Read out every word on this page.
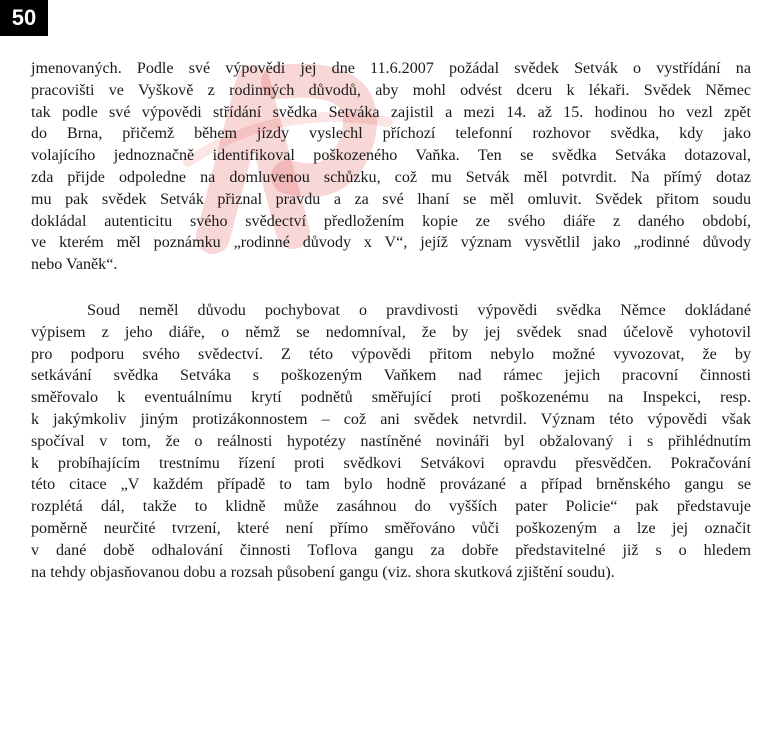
50
jmenovaných. Podle své výpovědi jej dne 11.6.2007 požádal svědek Setvák o vystřídání na
pracovišti ve Vyškově z rodinných důvodů, aby mohl odvést dceru k lékaři. Svědek Němec
tak podle své výpovědi střídání svědka Setváka zajistil a mezi 14. až 15. hodinou ho vezl zpět
do Brna, přičemž během jízdy vyslechl příchozí telefonní rozhovor svědka, kdy jako
volajícího jednoznačně identifikoval poškozeného Vaňka. Ten se svědka Setváka dotazoval,
zda přijde odpoledne na domluvenou schůzku, což mu Setvák měl potvrdit. Na přímý dotaz
mu pak svědek Setvák přiznal pravdu a za své lhaní se měl omluvit. Svědek přitom soudu
dokládal autenticitu svého svědectví předložením kopie ze svého diáře z daného období,
ve kterém měl poznámku „rodinné důvody x V“, jejíž význam vysvětlil jako „rodinné důvody
nebo Vaněk“.
Soud neměl důvodu pochybovat o pravdivosti výpovědi svědka Němce dokládané
výpisem z jeho diáře, o němž se nedomníval, že by jej svědek snad účelově vyhotovil
pro podporu svého svědectví. Z této výpovědi přitom nebylo možné vyvozovat, že by
setkávání svědka Setváka s poškozeným Vaňkem nad rámec jejich pracovní činnosti
směřovalo k eventuálnímu krytí podnětů směřující proti poškozenému na Inspekci, resp.
k jakýmkoliv jiným protizákonnostem – což ani svědek netvrdil. Význam této výpovědi však
spočíval v tom, že o reálnosti hypotézy nastíněné novináři byl obžalovaný i s přihlédnutím
k probíhajícím trestnímu řízení proti svědkovi Setvákovi opravdu přesvědčen. Pokračování
této citace „V každém případě to tam bylo hodně provázané a případ brněnského gangu se
rozplétá dál, takže to klidně může zasáhnou do vyšších pater Policie“ pak představuje
poměrně neurčité tvrzení, které není přímo směřováno vůči poškozeným a lze jej označit
v dané době odhalování činnosti Toflova gangu za dobře představitelné již s o hledem
na tehdy objasňovanou dobu a rozsah působení gangu (viz. shora skutková zjištění soudu).
